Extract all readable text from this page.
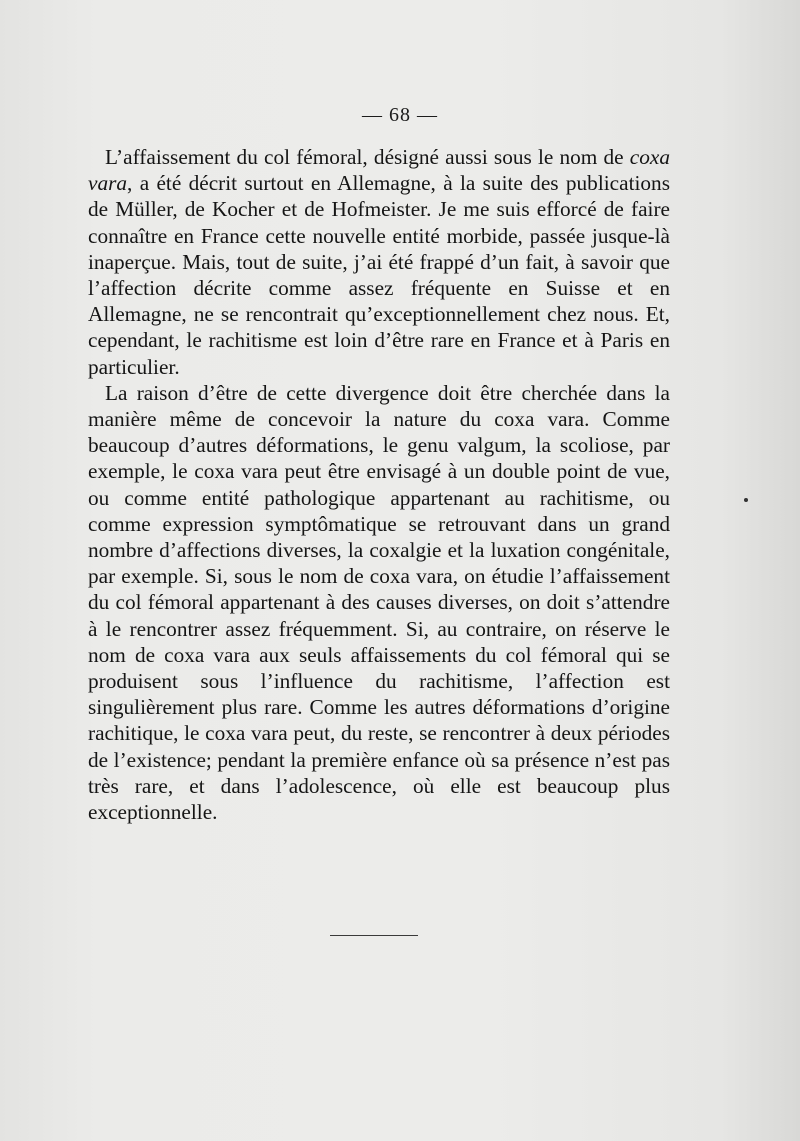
— 68 —

L’affaissement du col fémoral, désigné aussi sous le nom de coxa vara, a été décrit surtout en Allemagne, à la suite des publications de Müller, de Kocher et de Hofmeister. Je me suis efforcé de faire connaître en France cette nouvelle entité morbide, passée jusque-là inaperçue. Mais, tout de suite, j’ai été frappé d’un fait, à savoir que l’affection décrite comme assez fréquente en Suisse et en Allemagne, ne se rencontrait qu’exceptionnellement chez nous. Et, cependant, le rachitisme est loin d’être rare en France et à Paris en particulier.

La raison d’être de cette divergence doit être cherchée dans la manière même de concevoir la nature du coxa vara. Comme beaucoup d’autres déformations, le genu valgum, la scoliose, par exemple, le coxa vara peut être envisagé à un double point de vue, ou comme entité pathologique appartenant au rachitisme, ou comme expression symptômatique se retrouvant dans un grand nombre d’affections diverses, la coxalgie et la luxation congénitale, par exemple. Si, sous le nom de coxa vara, on étudie l’affaissement du col fémoral appartenant à des causes diverses, on doit s’attendre à le rencontrer assez fréquemment. Si, au contraire, on réserve le nom de coxa vara aux seuls affaissements du col fémoral qui se produisent sous l’influence du rachitisme, l’affection est singulièrement plus rare. Comme les autres déformations d’origine rachitique, le coxa vara peut, du reste, se rencontrer à deux périodes de l’existence; pendant la première enfance où sa présence n’est pas très rare, et dans l’adolescence, où elle est beaucoup plus exceptionnelle.
